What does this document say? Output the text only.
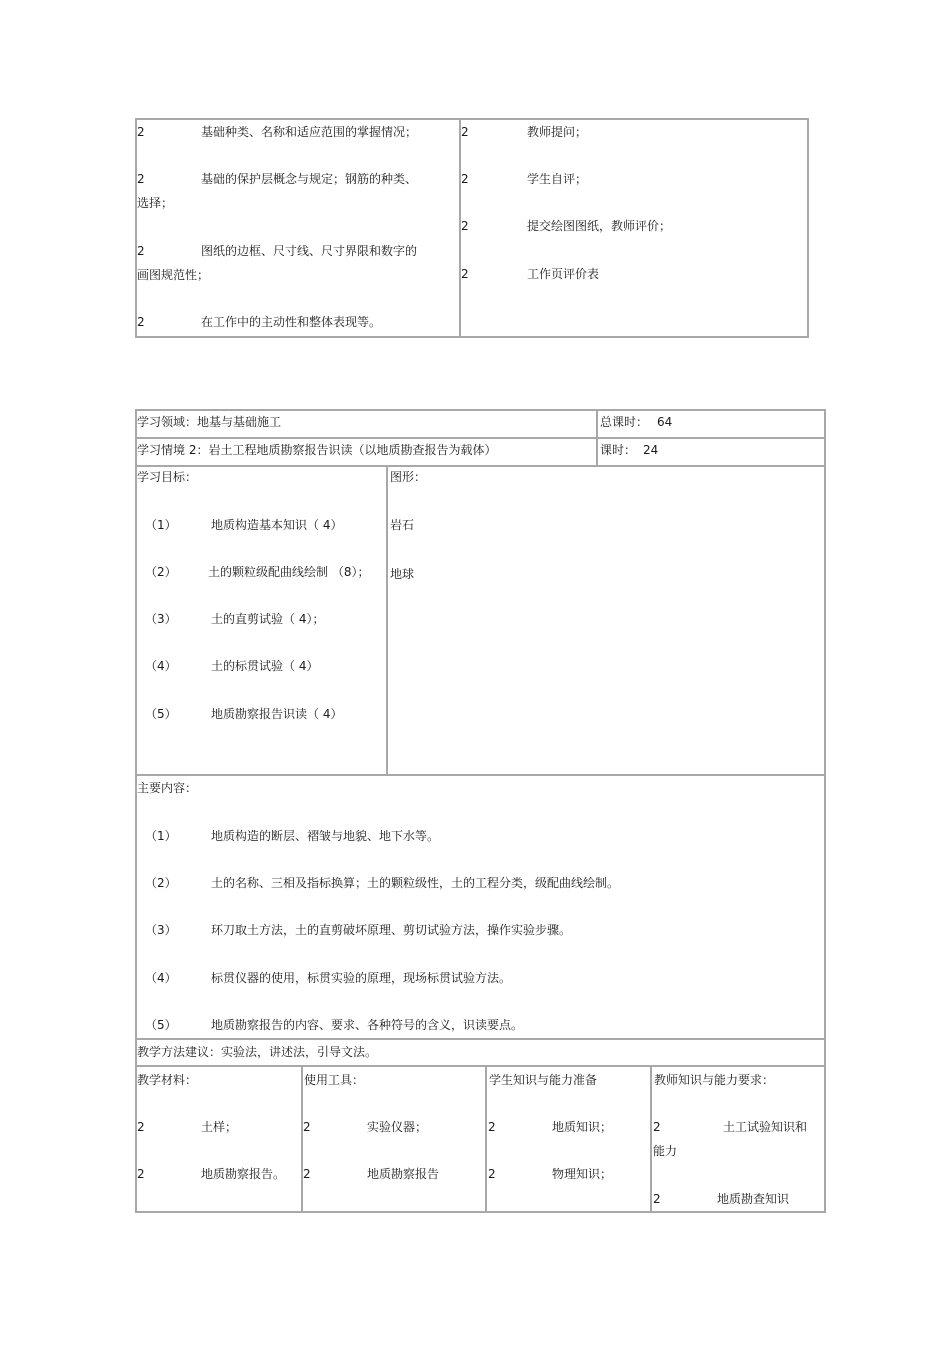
2	基础种类、名称和适应范围的掌握情况；
2	基础的保护层概念与规定；钢筋的种类、
选择；
2	图纸的边框、尺寸线、尺寸界限和数字的
画图规范性；
2	在工作中的主动性和整体表现等。
2	教师提问；
2	学生自评；
2	提交绘图图纸，教师评价；
2	工作页评价表
学习领域：地基与基础施工	总课时： 64
学习情境 2：岩土工程地质勘察报告识读（以地质勘查报告为载体）	课时： 24
学习目标：
（1）	地质构造基本知识（ 4）
（2）	土的颗粒级配曲线绘制 （8）；
（3）	土的直剪试验（ 4）；
（4）	土的标贯试验（ 4）
（5）	地质勘察报告识读（ 4）
图形：
岩石
地球
主要内容：
（1）	地质构造的断层、褶皱与地貌、地下水等。
（2）	土的名称、三相及指标换算；土的颗粒级性，土的工程分类，级配曲线绘制。
（3）	环刀取土方法，土的直剪破坏原理、剪切试验方法，操作实验步骤。
（4）	标贯仪器的使用，标贯实验的原理，现场标贯试验方法。
（5）	地质勘察报告的内容、要求、各种符号的含义，识读要点。
教学方法建议：实验法，讲述法，引导文法。
教学材料：
2	土样；
2	地质勘察报告。
使用工具：
2	实验仪器；
2	地质勘察报告
学生知识与能力准备
2	地质知识；
2	物理知识；
教师知识与能力要求：
2	土工试验知识和
能力
2	地质勘查知识
